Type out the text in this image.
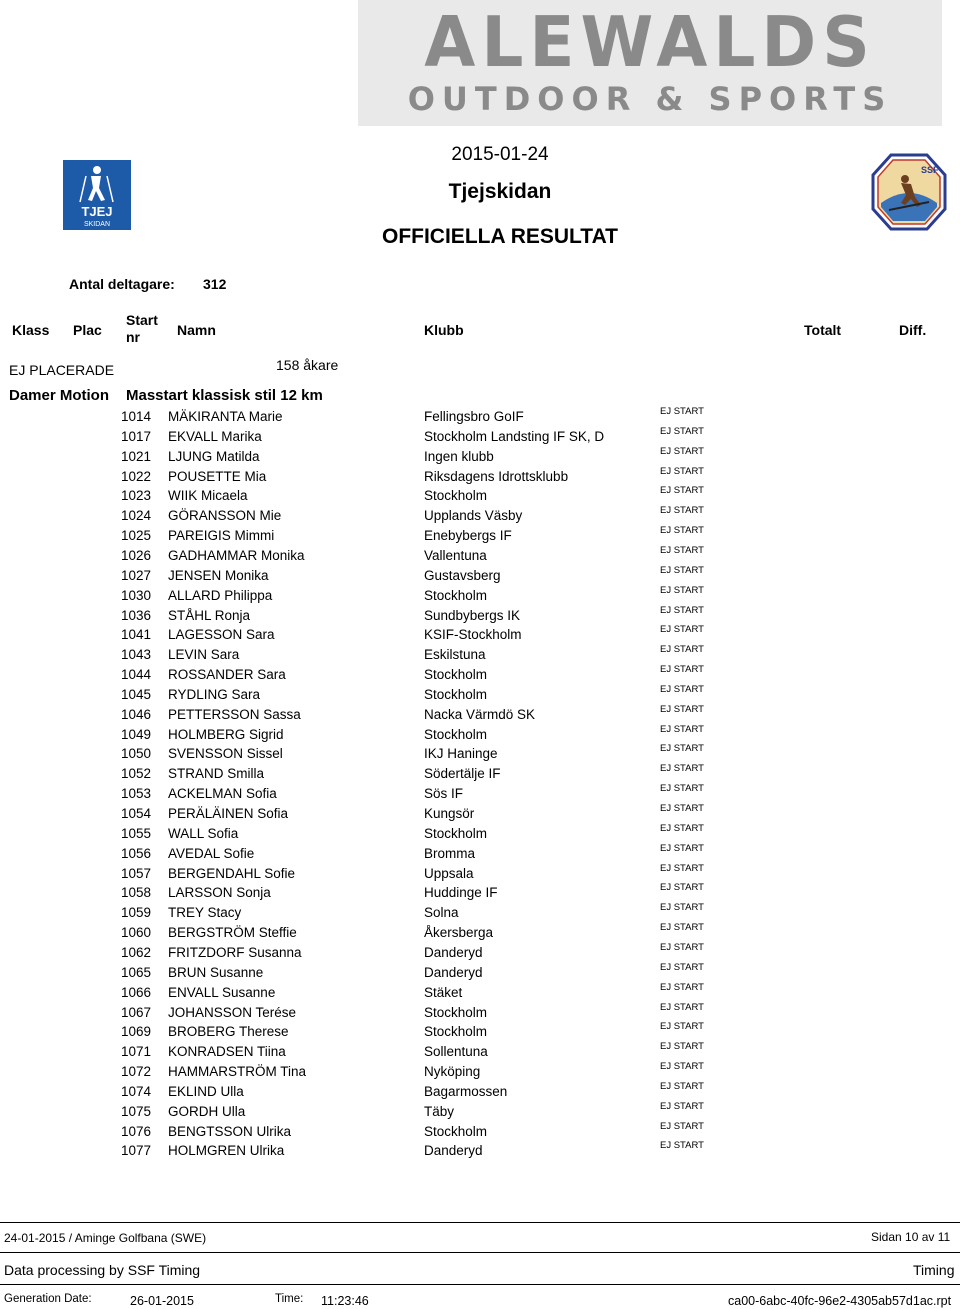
ALEWALDS
OUTDOOR & SPORTS
TJEJ
SKIDAN
SSF
2015-01-24
Tjejskidan
OFFICIELLA RESULTAT
Antal deltagare: 312
Klass Plac
Start
nr	Namn	Klubb	Totalt	Diff.
EJ PLACERADE	158 åkare
Damer Motion Masstart klassisk stil 12 km
1014 MÄKIRANTA Marie	Fellingsbro GoIF	EJ START
1017 EKVALL Marika	Stockholm Landsting IF SK, D	EJ START
1021 LJUNG Matilda	Ingen klubb	EJ START
1022 POUSETTE Mia	Riksdagens Idrottsklubb	EJ START
1023 WIIK Micaela	Stockholm	EJ START
1024 GÖRANSSON Mie	Upplands Väsby	EJ START
1025 PAREIGIS Mimmi	Enebybergs IF	EJ START
1026 GADHAMMAR Monika	Vallentuna	EJ START
1027 JENSEN Monika	Gustavsberg	EJ START
1030 ALLARD Philippa	Stockholm	EJ START
1036 STÅHL Ronja	Sundbybergs IK	EJ START
1041 LAGESSON Sara	KSIF-Stockholm	EJ START
1043 LEVIN Sara	Eskilstuna	EJ START
1044 ROSSANDER Sara	Stockholm	EJ START
1045 RYDLING Sara	Stockholm	EJ START
1046 PETTERSSON Sassa	Nacka Värmdö SK	EJ START
1049 HOLMBERG Sigrid	Stockholm	EJ START
1050 SVENSSON Sissel	IKJ Haninge	EJ START
1052 STRAND Smilla	Södertälje IF	EJ START
1053 ACKELMAN Sofia	Sös IF	EJ START
1054 PERÄLÄINEN Sofia	Kungsör	EJ START
1055 WALL Sofia	Stockholm	EJ START
1056 AVEDAL Sofie	Bromma	EJ START
1057 BERGENDAHL Sofie	Uppsala	EJ START
1058 LARSSON Sonja	Huddinge IF	EJ START
1059 TREY Stacy	Solna	EJ START
1060 BERGSTRÖM Steffie	Åkersberga	EJ START
1062 FRITZDORF Susanna	Danderyd	EJ START
1065 BRUN Susanne	Danderyd	EJ START
1066 ENVALL Susanne	Stäket	EJ START
1067 JOHANSSON Terése	Stockholm	EJ START
1069 BROBERG Therese	Stockholm	EJ START
1071 KONRADSEN Tiina	Sollentuna	EJ START
1072 HAMMARSTRÖM Tina	Nyköping	EJ START
1074 EKLIND Ulla	Bagarmossen	EJ START
1075 GORDH Ulla	Täby	EJ START
1076 BENGTSSON Ulrika	Stockholm	EJ START
1077 HOLMGREN Ulrika	Danderyd	EJ START
24-01-2015 / Aminge Golfbana (SWE)	Sidan 10 av 11
Data processing by SSF Timing	Timing
Generation Date:	26-01-2015	Time: 11:23:46	ca00-6abc-40fc-96e2-4305ab57d1ac.rpt
